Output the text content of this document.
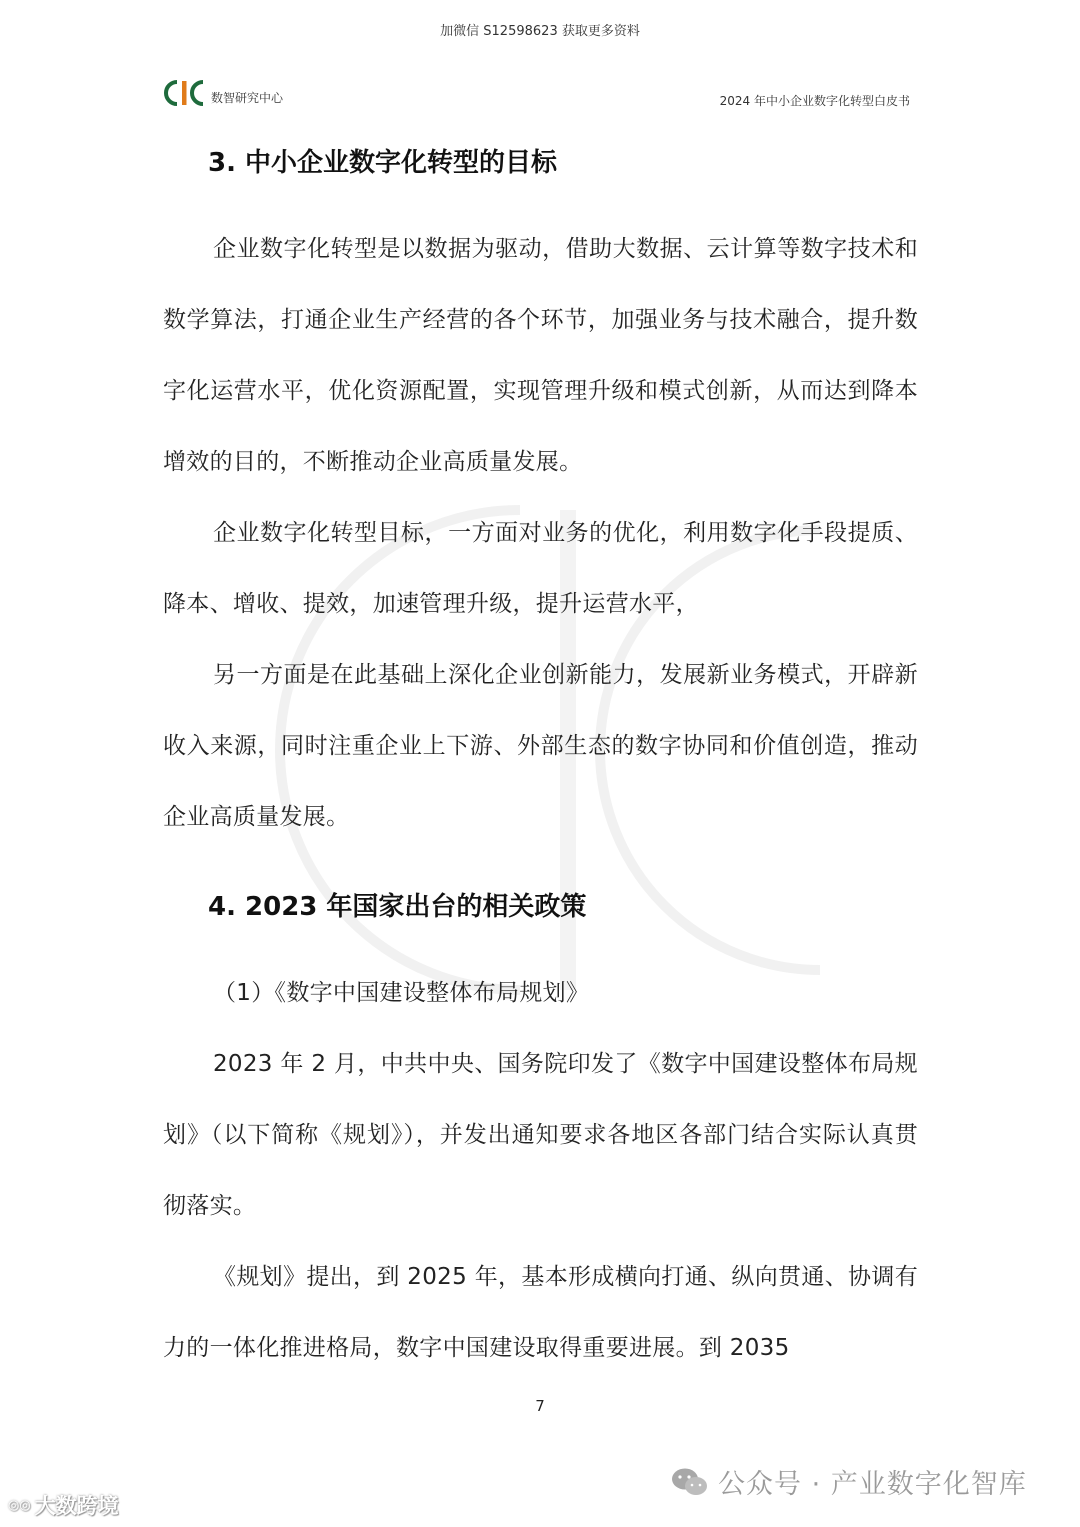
加微信 S12598623 获取更多资料
数智研究中心	2024 年中小企业数字化转型白皮书
3. 中小企业数字化转型的目标

企业数字化转型是以数据为驱动，借助大数据、云计算等数字技术和数学算法，打通企业生产经营的各个环节，加强业务与技术融合，提升数字化运营水平，优化资源配置，实现管理升级和模式创新，从而达到降本增效的目的，不断推动企业高质量发展。

企业数字化转型目标，一方面对业务的优化，利用数字化手段提质、降本、增收、提效，加速管理升级，提升运营水平，

另一方面是在此基础上深化企业创新能力，发展新业务模式，开辟新收入来源，同时注重企业上下游、外部生态的数字协同和价值创造，推动企业高质量发展。

4. 2023 年国家出台的相关政策

（1）《数字中国建设整体布局规划》

2023 年 2 月，中共中央、国务院印发了《数字中国建设整体布局规划》（以下简称《规划》），并发出通知要求各地区各部门结合实际认真贯彻落实。

《规划》提出，到 2025 年，基本形成横向打通、纵向贯通、协调有力的一体化推进格局，数字中国建设取得重要进展。到 2035

7
公众号 · 产业数字化智库
◎◎ 大数跨境
